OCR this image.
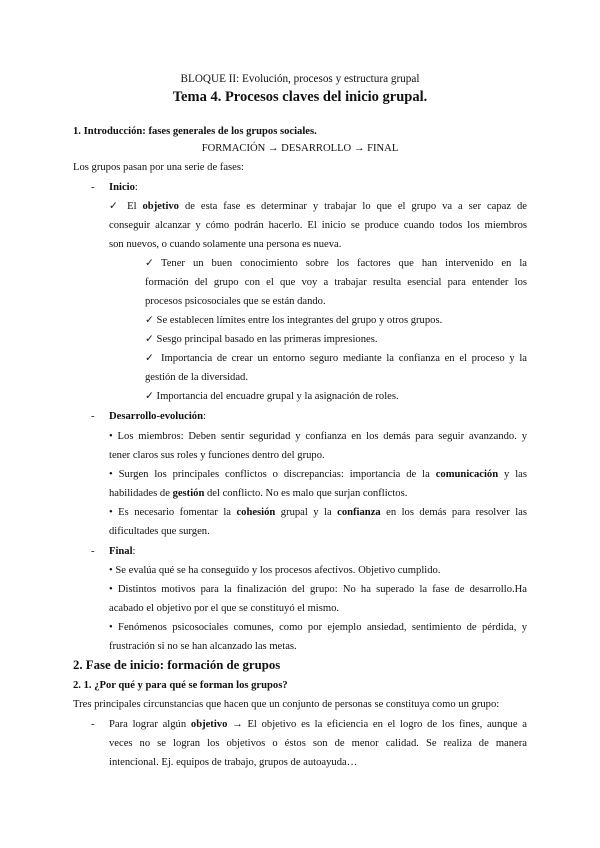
BLOQUE II: Evolución, procesos y estructura grupal
Tema 4. Procesos claves del inicio grupal.
1. Introducción: fases generales de los grupos sociales.
FORMACIÓN → DESARROLLO → FINAL
Los grupos pasan por una serie de fases:
- Inicio:
✓ El objetivo de esta fase es determinar y trabajar lo que el grupo va a ser capaz de
conseguir alcanzar y cómo podrán hacerlo. El inicio se produce cuando todos los miembros
son nuevos, o cuando solamente una persona es nueva.
✓ Tener un buen conocimiento sobre los factores que han intervenido en la
formación del grupo con el que voy a trabajar resulta esencial para entender los
procesos psicosociales que se están dando.
✓ Se establecen límites entre los integrantes del grupo y otros grupos.
✓ Sesgo principal basado en las primeras impresiones.
✓ Importancia de crear un entorno seguro mediante la confianza en el proceso y la
gestión de la diversidad.
✓ Importancia del encuadre grupal y la asignación de roles.
- Desarrollo-evolución:
• Los miembros: Deben sentir seguridad y confianza en los demás para seguir avanzando. y
tener claros sus roles y funciones dentro del grupo.
• Surgen los principales conflictos o discrepancias: importancia de la comunicación y las
habilidades de gestión del conflicto. No es malo que surjan conflictos.
• Es necesario fomentar la cohesión grupal y la confianza en los demás para resolver las
dificultades que surgen.
- Final:
• Se evalúa qué se ha conseguido y los procesos afectivos. Objetivo cumplido.
• Distintos motivos para la finalización del grupo: No ha superado la fase de desarrollo.Ha
acabado el objetivo por el que se constituyó el mismo.
• Fenómenos psicosociales comunes, como por ejemplo ansiedad, sentimiento de pérdida, y
frustración si no se han alcanzado las metas.
2. Fase de inicio: formación de grupos
2. 1. ¿Por qué y para qué se forman los grupos?
Tres principales circunstancias que hacen que un conjunto de personas se constituya como un grupo:
- Para lograr algún objetivo → El objetivo es la eficiencia en el logro de los fines, aunque a
veces no se logran los objetivos o éstos son de menor calidad. Se realiza de manera
intencional. Ej. equipos de trabajo, grupos de autoayuda…
